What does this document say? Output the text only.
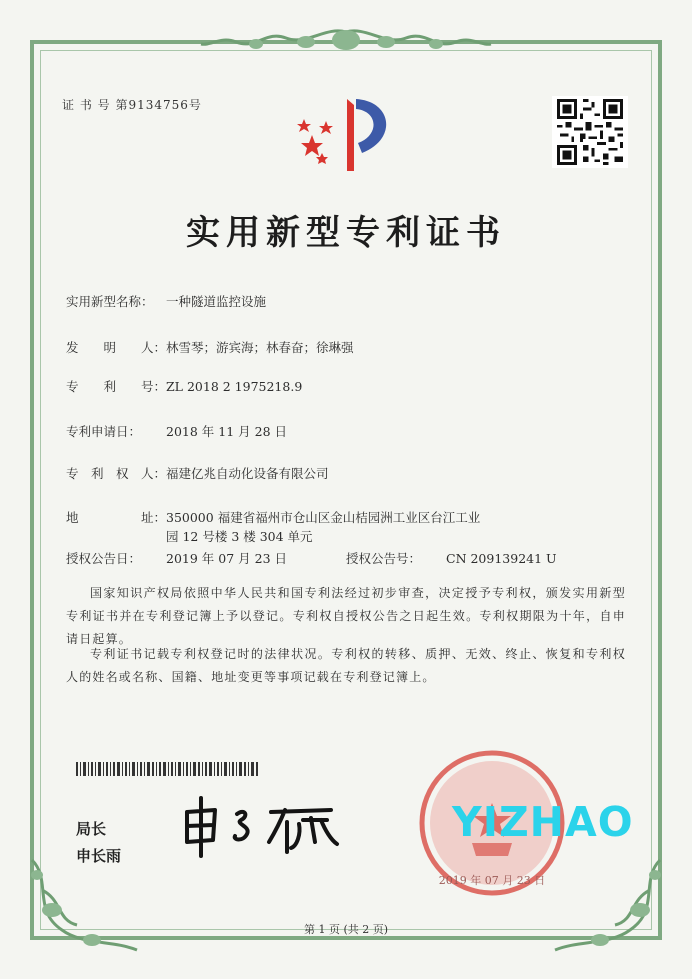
证 书 号 第9134756号
实用新型专利证书
实用新型名称： 一种隧道监控设施
发　　明　　人：林雪琴；游宾海；林春奋；徐琳强
专　　利　　号：ZL 2018 2 1975218.9
专利申请日： 2018 年 11 月 28 日
专　利　权　人：福建亿兆自动化设备有限公司
地　　　　　址：350000 福建省福州市仓山区金山桔园洲工业区台江工业
园 12 号楼 3 楼 304 单元
授权公告日： 2019 年 07 月 23 日	授权公告号： CN 209139241 U
国家知识产权局依照中华人民共和国专利法经过初步审查，决定授予专利权，颁发实用新型专利证书并在专利登记簿上予以登记。专利权自授权公告之日起生效。专利权期限为十年，自申请日起算。
专利证书记载专利权登记时的法律状况。专利权的转移、质押、无效、终止、恢复和专利权人的姓名或名称、国籍、地址变更等事项记载在专利登记簿上。
局长
申长雨
2019 年 07 月 23 日
YIZHAO
第 1 页 (共 2 页)
